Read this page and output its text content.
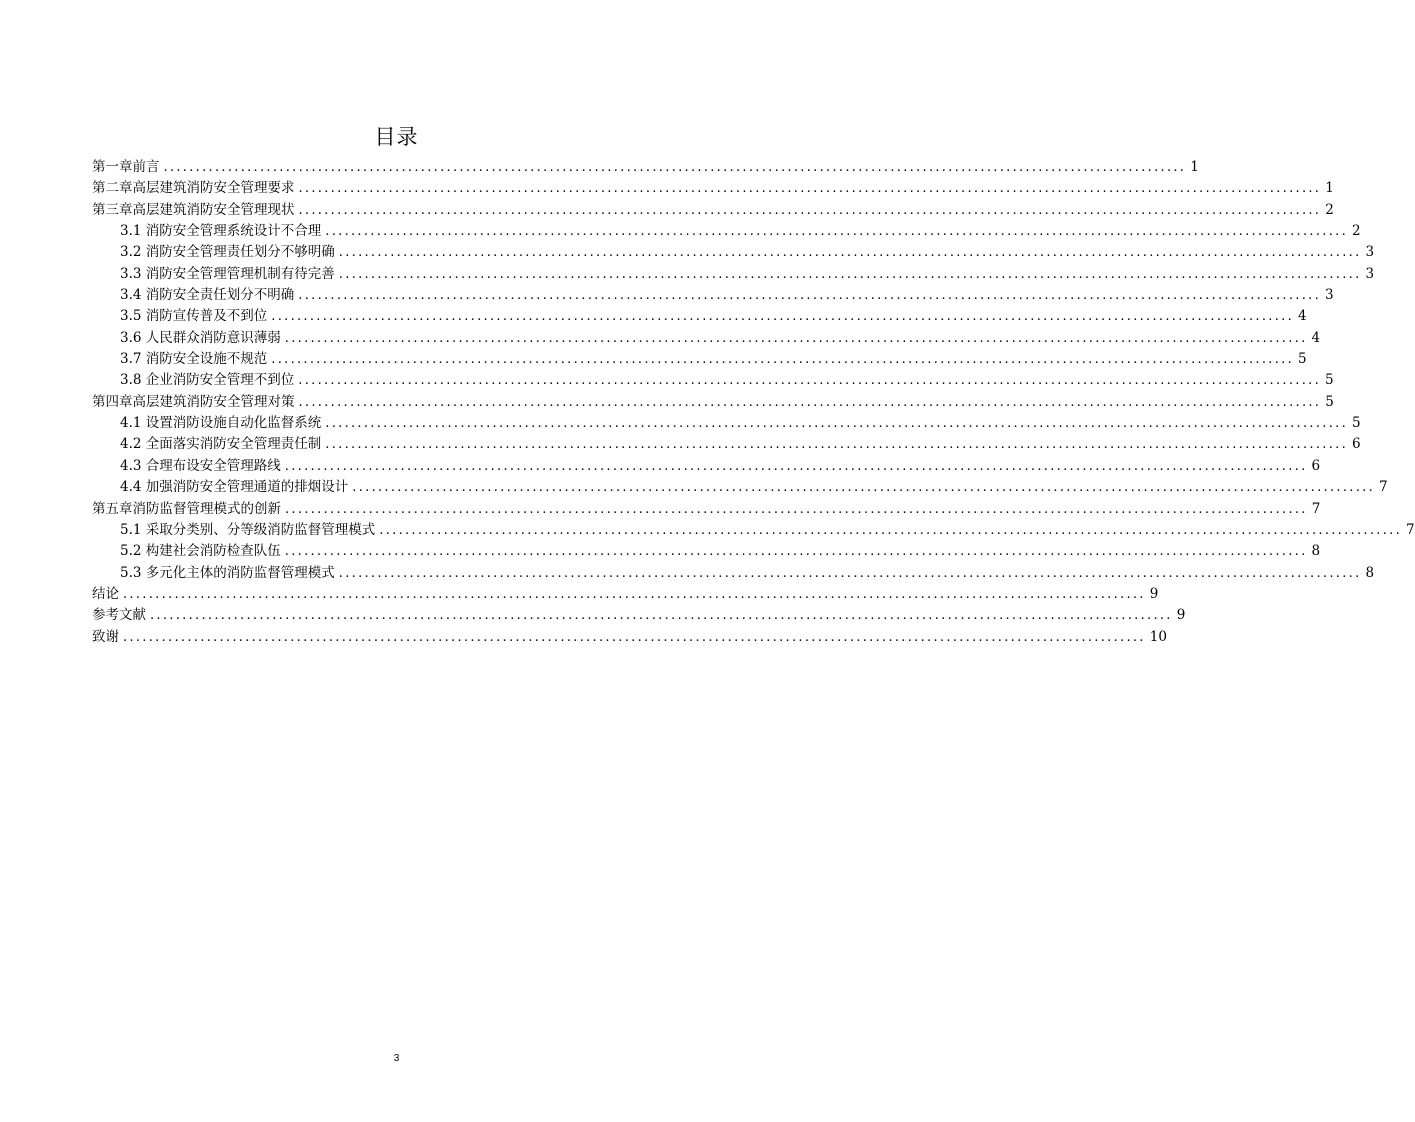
目录
第一章前言 ............................................................................................................................................................... 1
第二章高层建筑消防安全管理要求 ............................................................................................................................................................... 1
第三章高层建筑消防安全管理现状 ............................................................................................................................................................... 2
3.1 消防安全管理系统设计不合理 ............................................................................................................................................................... 2
3.2 消防安全管理责任划分不够明确 ............................................................................................................................................................... 3
3.3 消防安全管理管理机制有待完善 ............................................................................................................................................................... 3
3.4 消防安全责任划分不明确 ............................................................................................................................................................... 3
3.5 消防宣传普及不到位 ............................................................................................................................................................... 4
3.6 人民群众消防意识薄弱 ............................................................................................................................................................... 4
3.7 消防安全设施不规范 ............................................................................................................................................................... 5
3.8 企业消防安全管理不到位 ............................................................................................................................................................... 5
第四章高层建筑消防安全管理对策 ............................................................................................................................................................... 5
4.1 设置消防设施自动化监督系统 ............................................................................................................................................................... 5
4.2 全面落实消防安全管理责任制 ............................................................................................................................................................... 6
4.3 合理布设安全管理路线 ............................................................................................................................................................... 6
4.4 加强消防安全管理通道的排烟设计 ............................................................................................................................................................... 7
第五章消防监督管理模式的创新 ............................................................................................................................................................... 7
5.1 采取分类别、分等级消防监督管理模式 ............................................................................................................................................................... 7
5.2 构建社会消防检查队伍 ............................................................................................................................................................... 8
5.3 多元化主体的消防监督管理模式 ............................................................................................................................................................... 8
结论 ............................................................................................................................................................... 9
参考文献 ............................................................................................................................................................... 9
致谢 ............................................................................................................................................................... 10
3
